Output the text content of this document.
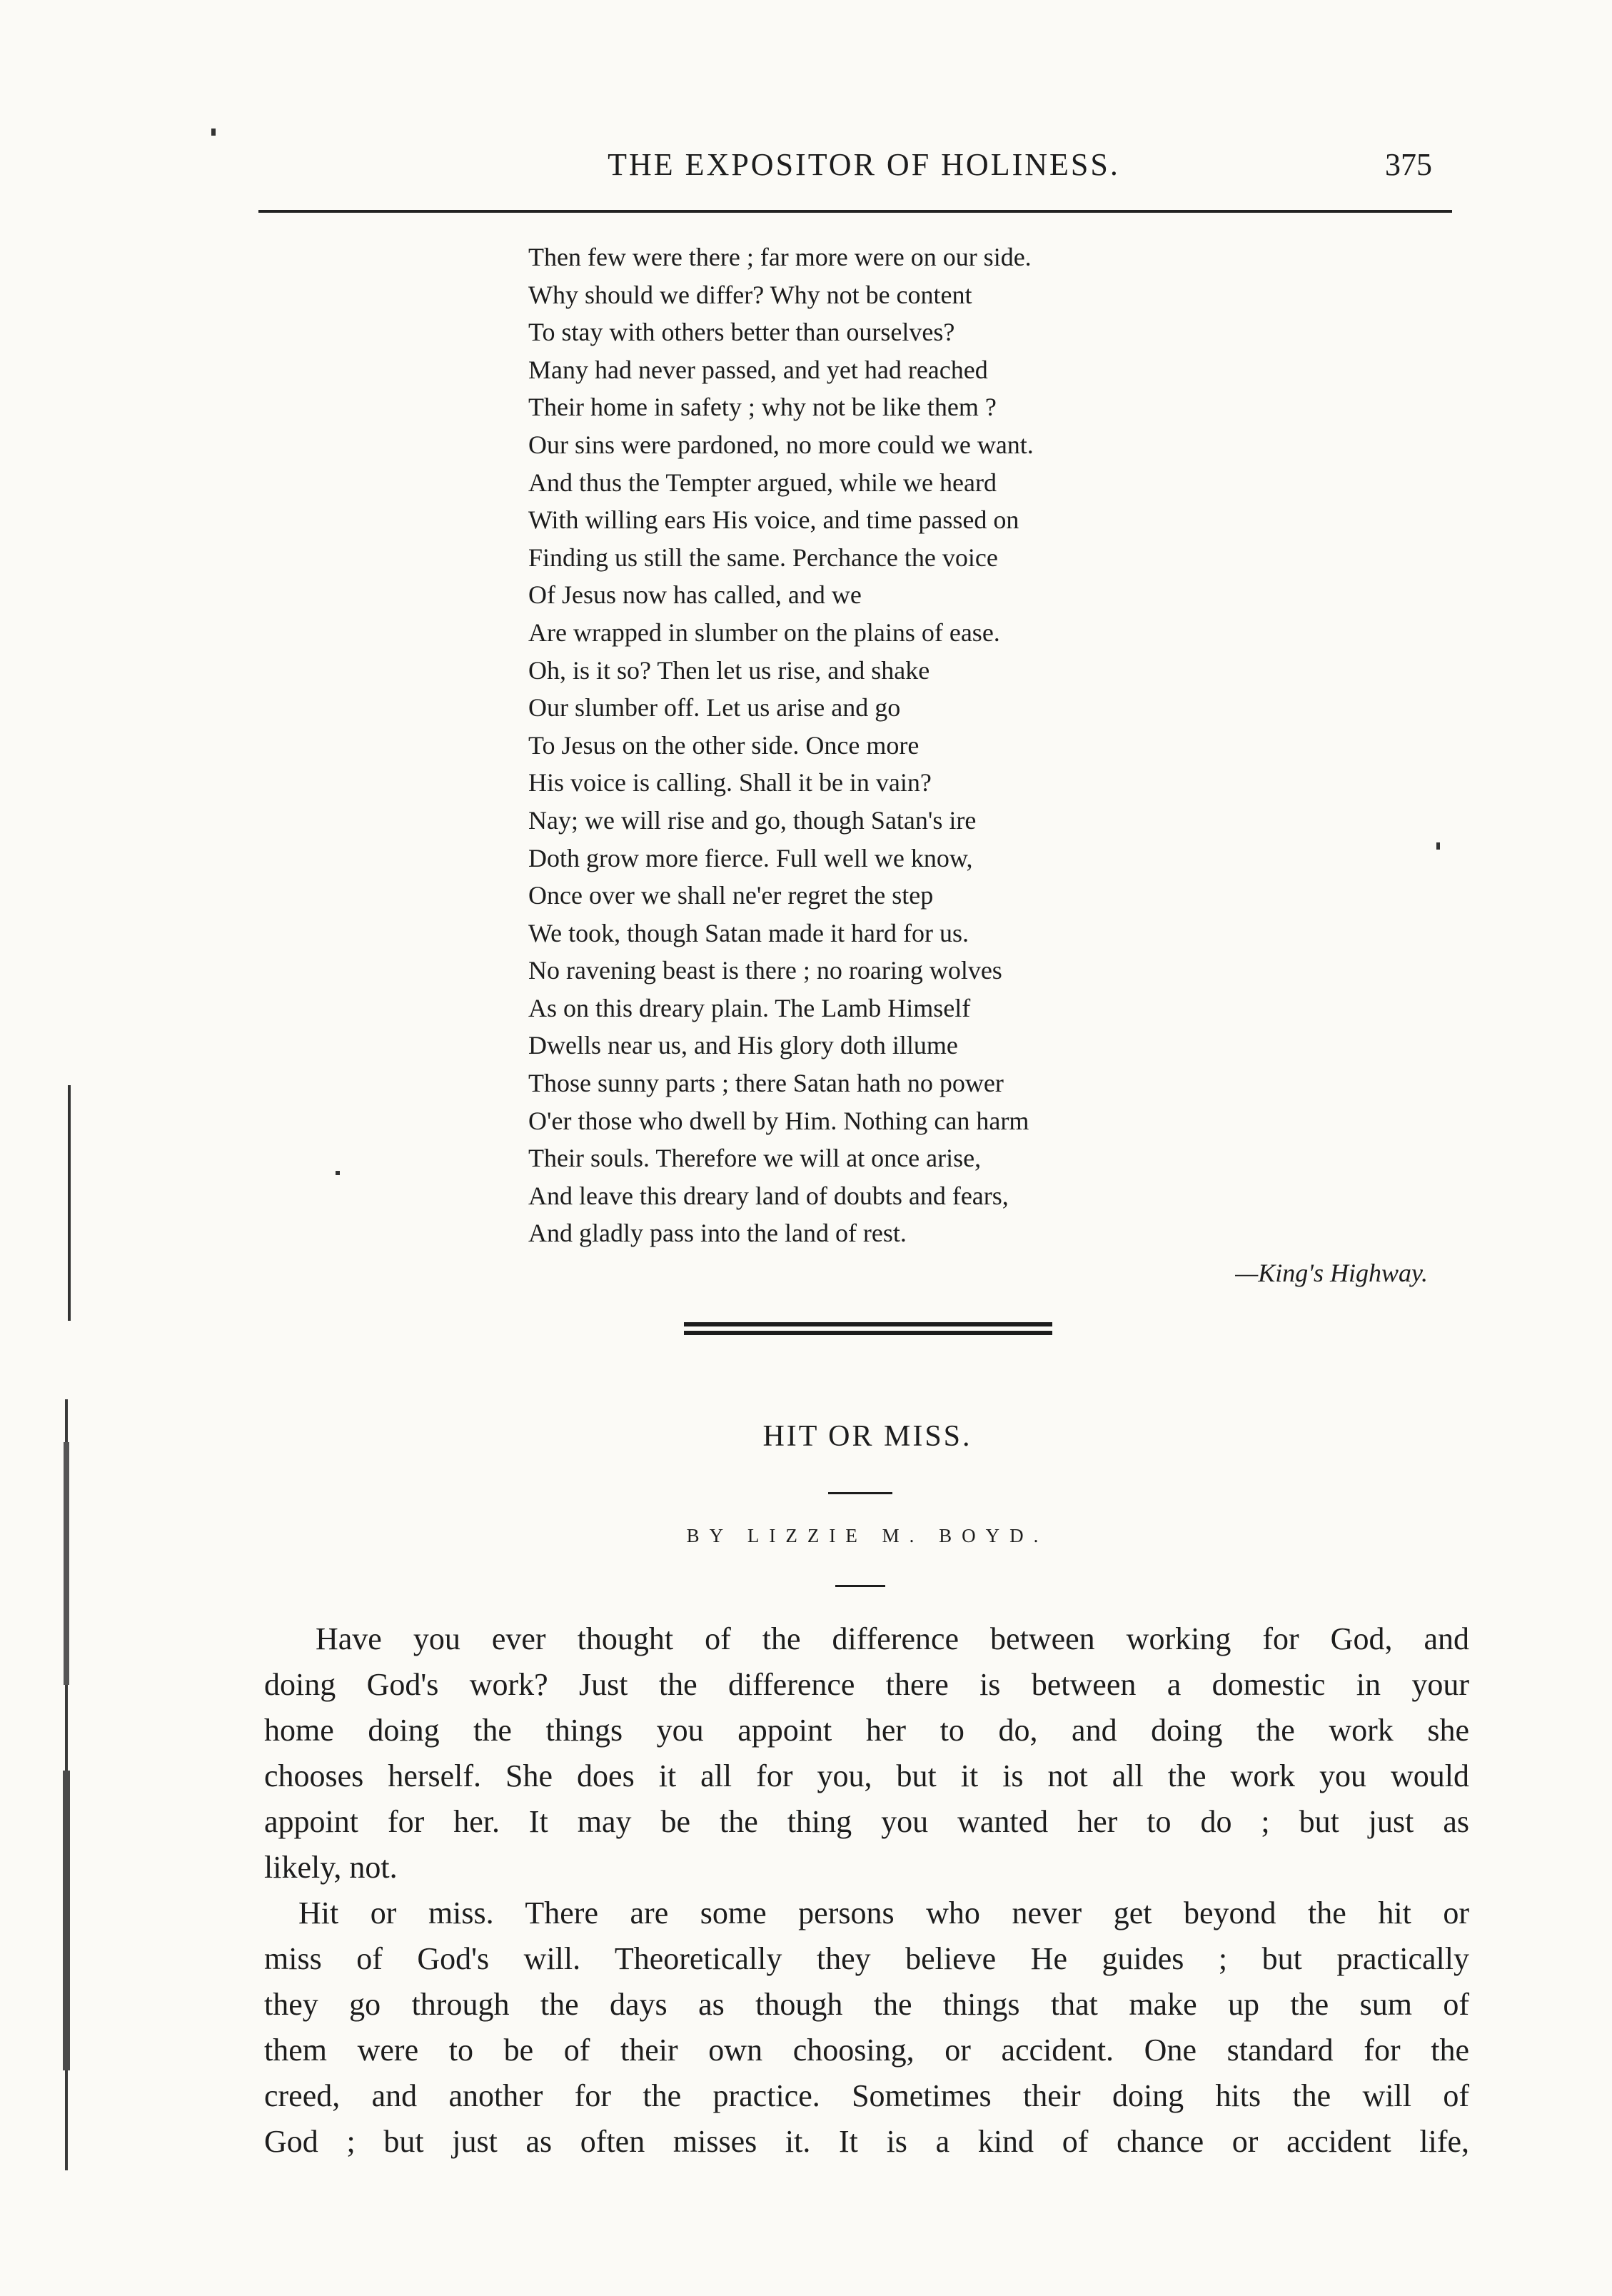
THE EXPOSITOR OF HOLINESS.	375
Then few were there ; far more were on our side.
Why should we differ? Why not be content
To stay with others better than ourselves?
Many had never passed, and yet had reached
Their home in safety ; why not be like them ?
Our sins were pardoned, no more could we want.
And thus the Tempter argued, while we heard
With willing ears His voice, and time passed on
Finding us still the same. Perchance the voice
Of Jesus now has called, and we
Are wrapped in slumber on the plains of ease.
Oh, is it so? Then let us rise, and shake
Our slumber off. Let us arise and go
To Jesus on the other side. Once more
His voice is calling. Shall it be in vain?
Nay; we will rise and go, though Satan's ire
Doth grow more fierce. Full well we know,
Once over we shall ne'er regret the step
We took, though Satan made it hard for us.
No ravening beast is there ; no roaring wolves
As on this dreary plain. The Lamb Himself
Dwells near us, and His glory doth illume
Those sunny parts ; there Satan hath no power
O'er those who dwell by Him. Nothing can harm
Their souls. Therefore we will at once arise,
And leave this dreary land of doubts and fears,
And gladly pass into the land of rest.
—King's Highway.
HIT OR MISS.
BY LIZZIE M. BOYD.
Have you ever thought of the difference between working for God, and
doing God's work? Just the difference there is between a domestic in your
home doing the things you appoint her to do, and doing the work she
chooses herself. She does it all for you, but it is not all the work you would
appoint for her. It may be the thing you wanted her to do ; but just as
likely, not.
Hit or miss. There are some persons who never get beyond the hit or
miss of God's will. Theoretically they believe He guides ; but practically
they go through the days as though the things that make up the sum of
them were to be of their own choosing, or accident. One standard for the
creed, and another for the practice. Sometimes their doing hits the will of
God ; but just as often misses it. It is a kind of chance or accident life,
